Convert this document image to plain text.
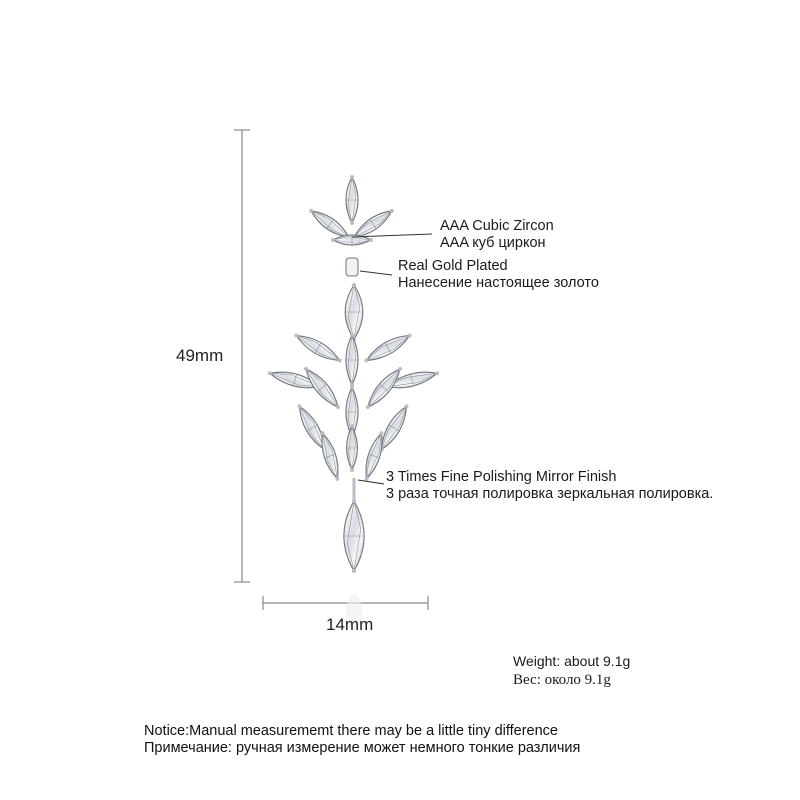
49mm
14mm
AAA Cubic Zircon
AAA куб циркон
Real Gold Plated
Нанесение настоящее золото
3 Times Fine Polishing Mirror Finish
3 раза точная полировка зеркальная полировка.
Weight: about 9.1g
Вес: около 9.1g
Notice:Manual measurememt there may be a little tiny difference
Примечание: ручная измерение может немного тонкие различия
